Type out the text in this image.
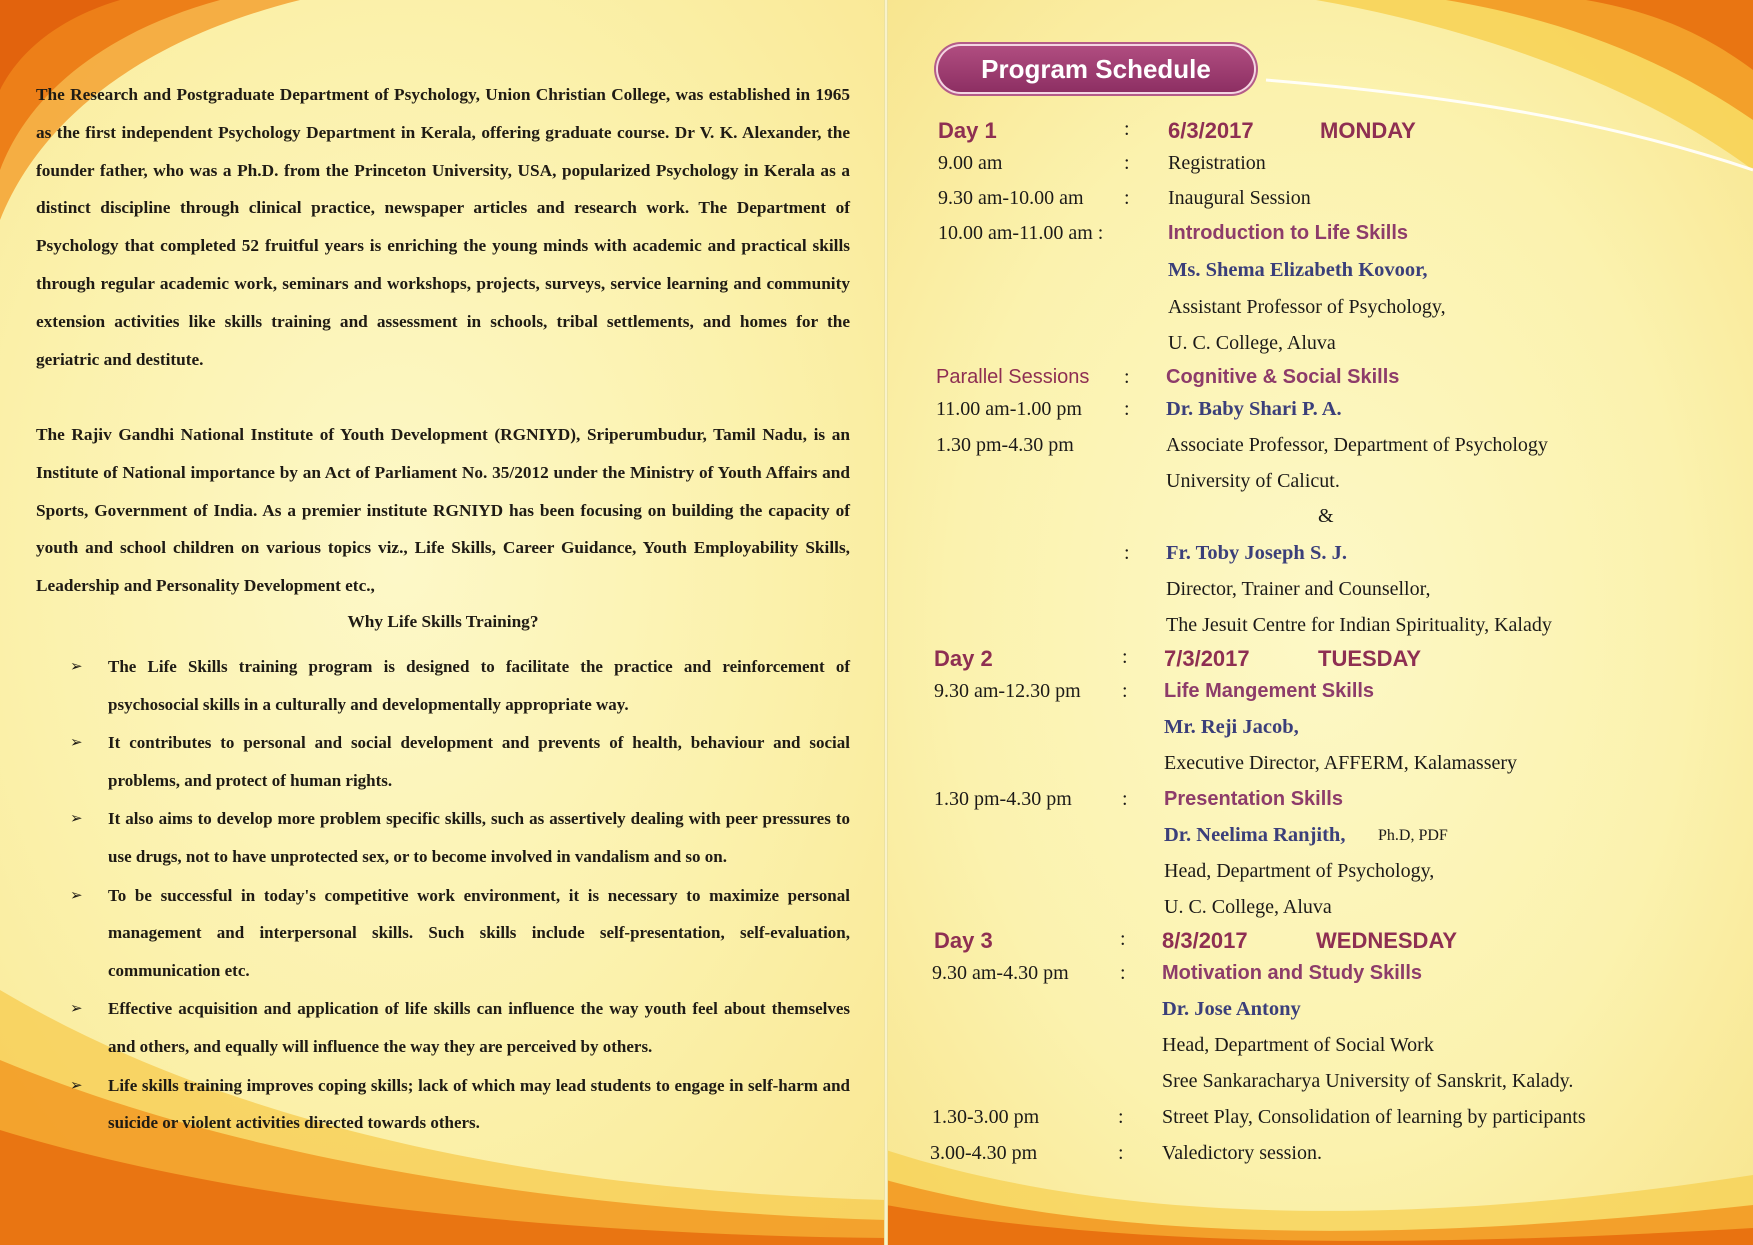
The Research and Postgraduate Department of Psychology, Union Christian College, was established in 1965 as the first independent Psychology Department in Kerala, offering graduate course. Dr V. K. Alexander, the founder father, who was a Ph.D. from the Princeton University, USA, popularized Psychology in Kerala as a distinct discipline through clinical practice, newspaper articles and research work. The Department of Psychology that completed 52 fruitful years is enriching the young minds with academic and practical skills through regular academic work, seminars and workshops, projects, surveys, service learning and community extension activities like skills training and assessment in schools, tribal settlements, and homes for the geriatric and destitute.

The Rajiv Gandhi National Institute of Youth Development (RGNIYD), Sriperumbudur, Tamil Nadu, is an Institute of National importance by an Act of Parliament No. 35/2012 under the Ministry of Youth Affairs and Sports, Government of India. As a premier institute RGNIYD has been focusing on building the capacity of youth and school children on various topics viz., Life Skills, Career Guidance, Youth Employability Skills, Leadership and Personality Development etc.,

Why Life Skills Training?

➢ The Life Skills training program is designed to facilitate the practice and reinforcement of psychosocial skills in a culturally and developmentally appropriate way.
➢ It contributes to personal and social development and prevents of health, behaviour and social problems, and protect of human rights.
➢ It also aims to develop more problem specific skills, such as assertively dealing with peer pressures to use drugs, not to have unprotected sex, or to become involved in vandalism and so on.
➢ To be successful in today's competitive work environment, it is necessary to maximize personal management and interpersonal skills. Such skills include self-presentation, self-evaluation, communication etc.
➢ Effective acquisition and application of life skills can influence the way youth feel about themselves and others, and equally will influence the way they are perceived by others.
➢ Life skills training improves coping skills; lack of which may lead students to engage in self-harm and suicide or violent activities directed towards others.
Program Schedule
Day 1	: 6/3/2017	MONDAY
9.00 am	: Registration
9.30 am-10.00 am : Inaugural Session
10.00 am-11.00 am :	Introduction to Life Skills
Ms. Shema Elizabeth Kovoor,
Assistant Professor of Psychology,
U. C. College, Aluva
Parallel Sessions : Cognitive & Social Skills
11.00 am-1.00 pm : Dr. Baby Shari P. A.
1.30 pm-4.30 pm	Associate Professor, Department of Psychology
University of Calicut.
&
: Fr. Toby Joseph S. J.
Director, Trainer and Counsellor,
The Jesuit Centre for Indian Spirituality, Kalady
Day 2	: 7/3/2017	TUESDAY
9.30 am-12.30 pm : Life Mangement Skills
Mr. Reji Jacob,
Executive Director, AFFERM, Kalamassery
1.30 pm-4.30 pm	: Presentation Skills
Dr. Neelima Ranjith, Ph.D, PDF
Head, Department of Psychology,
U. C. College, Aluva
Day 3	: 8/3/2017	WEDNESDAY
9.30 am-4.30 pm	: Motivation and Study Skills
Dr. Jose Antony
Head, Department of Social Work
Sree Sankaracharya University of Sanskrit, Kalady.
1.30-3.00 pm	: Street Play, Consolidation of learning by participants
3.00-4.30 pm	: Valedictory session.
